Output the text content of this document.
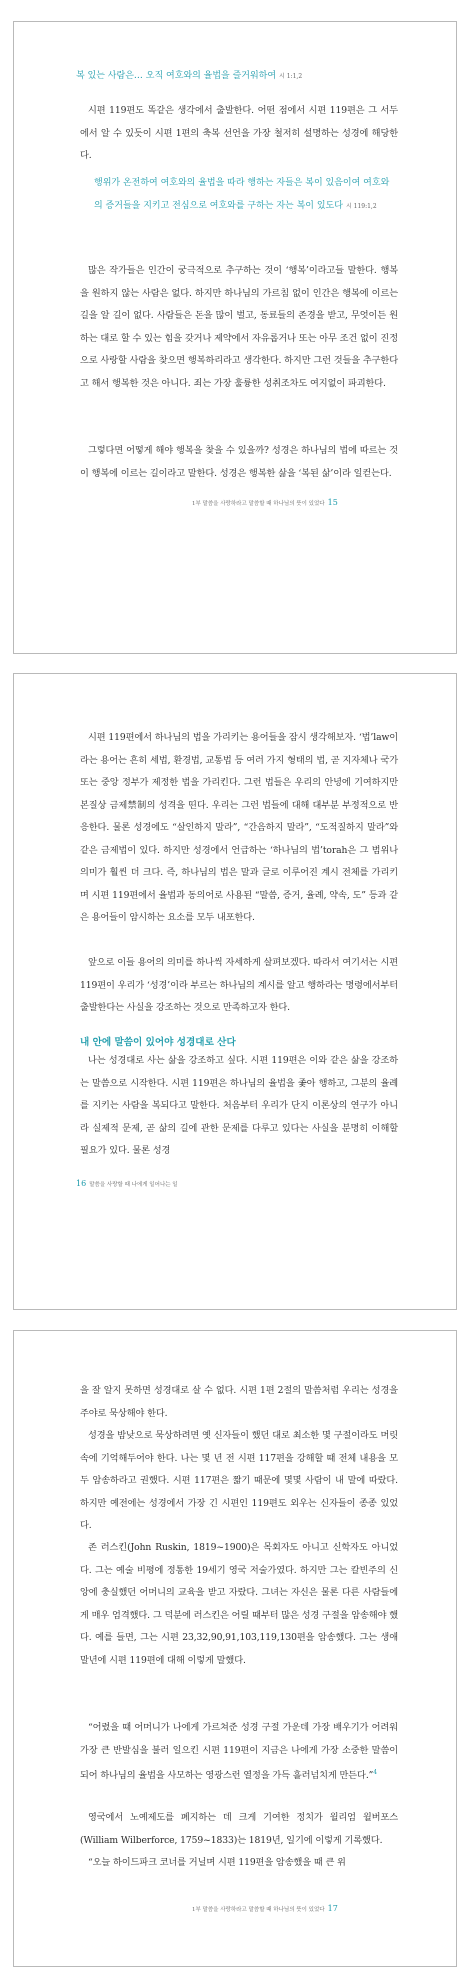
복 있는 사람은… 오직 여호와의 율법을 즐거워하여 시 1:1,2

시편 119편도 똑같은 생각에서 출발한다. 어떤 점에서 시편 119편은 그 서두에서 알 수 있듯이 시편 1편의 축복 선언을 가장 철저히 설명하는 성경에 해당한다.

행위가 온전하여 여호와의 율법을 따라 행하는 자들은 복이 있음이여 여호와의 증거들을 지키고 전심으로 여호와를 구하는 자는 복이 있도다 시 119:1,2

많은 작가들은 인간이 궁극적으로 추구하는 것이 ‘행복’이라고들 말한다. 행복을 원하지 않는 사람은 없다. 하지만 하나님의 가르침 없이 인간은 행복에 이르는 길을 알 길이 없다. 사람들은 돈을 많이 벌고, 동료들의 존경을 받고, 무엇이든 원하는 대로 할 수 있는 힘을 갖거나 제약에서 자유롭거나 또는 아무 조건 없이 진정으로 사랑할 사람을 찾으면 행복하리라고 생각한다. 하지만 그런 것들을 추구한다고 해서 행복한 것은 아니다. 죄는 가장 훌륭한 성취조차도 여지없이 파괴한다.

그렇다면 어떻게 해야 행복을 찾을 수 있을까? 성경은 하나님의 법에 따르는 것이 행복에 이르는 길이라고 말한다. 성경은 행복한 삶을 ‘복된 삶’이라 일컫는다.

1부 말씀을 사랑하라고 말씀할 때 하나님의 뜻이 있었다 15

시편 119편에서 하나님의 법을 가리키는 용어들을 잠시 생각해보자. ‘법’law이라는 용어는 흔히 세법, 환경법, 교통법 등 여러 가지 형태의 법, 곧 지자체나 국가 또는 중앙 정부가 제정한 법을 가리킨다. 그런 법들은 우리의 안녕에 기여하지만 본질상 금제禁制의 성격을 띤다. 우리는 그런 법들에 대해 대부분 부정적으로 반응한다. 물론 성경에도 “살인하지 말라”, “간음하지 말라”, “도적질하지 말라”와 같은 금제법이 있다. 하지만 성경에서 언급하는 ‘하나님의 법’torah은 그 범위나 의미가 훨씬 더 크다. 즉, 하나님의 법은 말과 글로 이루어진 계시 전체를 가리키며 시편 119편에서 율법과 동의어로 사용된 “말씀, 증거, 율례, 약속, 도” 등과 같은 용어들이 암시하는 요소를 모두 내포한다.

앞으로 이들 용어의 의미를 하나씩 자세하게 살펴보겠다. 따라서 여기서는 시편 119편이 우리가 ‘성경’이라 부르는 하나님의 계시를 알고 행하라는 명령에서부터 출발한다는 사실을 강조하는 것으로 만족하고자 한다.

내 안에 말씀이 있어야 성경대로 산다

나는 성경대로 사는 삶을 강조하고 싶다. 시편 119편은 이와 같은 삶을 강조하는 말씀으로 시작한다. 시편 119편은 하나님의 율법을 좇아 행하고, 그분의 율례를 지키는 사람을 복되다고 말한다. 처음부터 우리가 단지 이론상의 연구가 아니라 실제적 문제, 곧 삶의 길에 관한 문제를 다루고 있다는 사실을 분명히 이해할 필요가 있다. 물론 성경

16 말씀을 사랑할 때 나에게 일어나는 일

을 잘 알지 못하면 성경대로 살 수 없다. 시편 1편 2절의 말씀처럼 우리는 성경을 주야로 묵상해야 한다.

성경을 밤낮으로 묵상하려면 옛 신자들이 했던 대로 최소한 몇 구절이라도 머릿속에 기억해두어야 한다. 나는 몇 년 전 시편 117편을 강해할 때 전체 내용을 모두 암송하라고 권했다. 시편 117편은 짧기 때문에 몇몇 사람이 내 말에 따랐다. 하지만 예전에는 성경에서 가장 긴 시편인 119편도 외우는 신자들이 종종 있었다.

존 러스킨(John Ruskin, 1819~1900)은 목회자도 아니고 신학자도 아니었다. 그는 예술 비평에 정통한 19세기 영국 저술가였다. 하지만 그는 칼빈주의 신앙에 충실했던 어머니의 교육을 받고 자랐다. 그녀는 자신은 물론 다른 사람들에게 매우 엄격했다. 그 덕분에 러스킨은 어릴 때부터 많은 성경 구절을 암송해야 했다. 예를 들면, 그는 시편 23,32,90,91,103,119,130편을 암송했다. 그는 생애 말년에 시편 119편에 대해 이렇게 말했다.

“어렸을 때 어머니가 나에게 가르쳐준 성경 구절 가운데 가장 배우기가 어려워 가장 큰 반발심을 불러 일으킨 시편 119편이 지금은 나에게 가장 소중한 말씀이 되어 하나님의 율법을 사모하는 영광스런 열정을 가득 흘러넘치게 만든다.”$^4$

영국에서 노예제도를 폐지하는 데 크게 기여한 정치가 윌리엄 윌버포스(William Wilberforce, 1759~1833)는 1819년, 일기에 이렇게 기록했다.

“오늘 하이드파크 코너를 거닐며 시편 119편을 암송했을 때 큰 위

1부 말씀을 사랑하라고 말씀할 때 하나님의 뜻이 있었다 17
